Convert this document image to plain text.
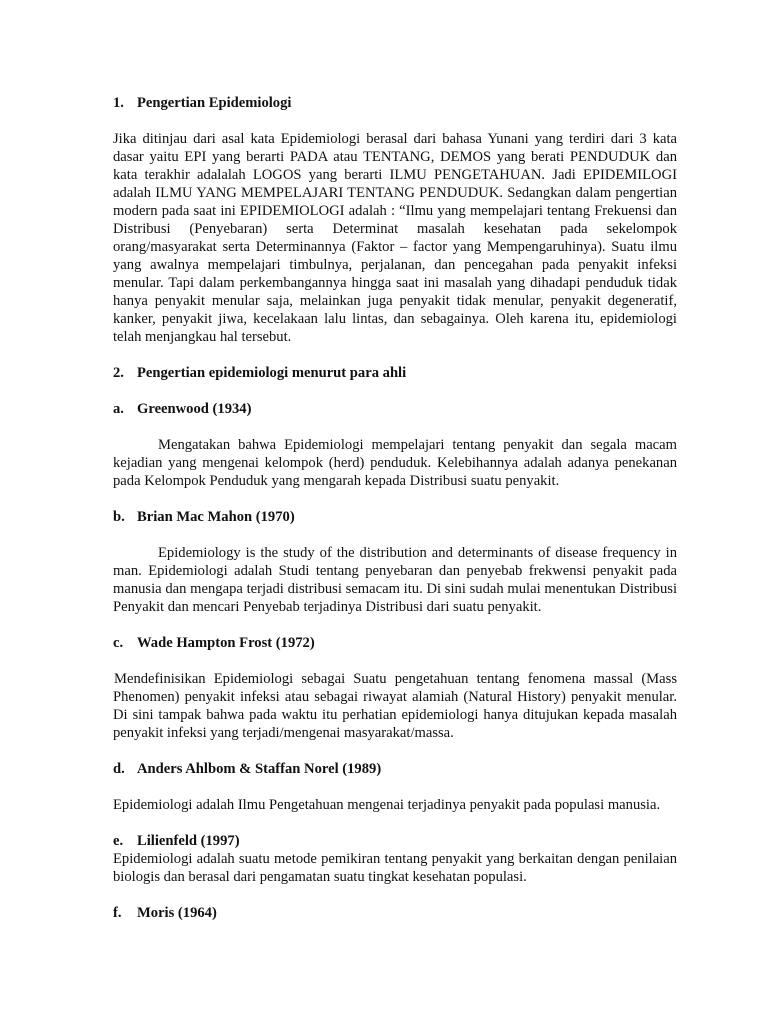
1. Pengertian Epidemiologi

Jika ditinjau dari asal kata Epidemiologi berasal dari bahasa Yunani yang terdiri dari 3 kata dasar yaitu EPI yang berarti PADA atau TENTANG, DEMOS yang berati PENDUDUK dan kata terakhir adalalah LOGOS yang berarti ILMU PENGETAHUAN. Jadi EPIDEMILOGI adalah ILMU YANG MEMPELAJARI TENTANG PENDUDUK. Sedangkan dalam pengertian modern pada saat ini EPIDEMIOLOGI adalah : “Ilmu yang mempelajari tentang Frekuensi dan Distribusi (Penyebaran) serta Determinat masalah kesehatan pada sekelompok orang/masyarakat serta Determinannya (Faktor – factor yang Mempengaruhinya). Suatu ilmu yang awalnya mempelajari timbulnya, perjalanan, dan pencegahan pada penyakit infeksi menular. Tapi dalam perkembangannya hingga saat ini masalah yang dihadapi penduduk tidak hanya penyakit menular saja, melainkan juga penyakit tidak menular, penyakit degeneratif, kanker, penyakit jiwa, kecelakaan lalu lintas, dan sebagainya. Oleh karena itu, epidemiologi telah menjangkau hal tersebut.

2. Pengertian epidemiologi menurut para ahli

a. Greenwood (1934)

Mengatakan bahwa Epidemiologi mempelajari tentang penyakit dan segala macam kejadian yang mengenai kelompok (herd) penduduk. Kelebihannya adalah adanya penekanan pada Kelompok Penduduk yang mengarah kepada Distribusi suatu penyakit.

b. Brian Mac Mahon (1970)

Epidemiology is the study of the distribution and determinants of disease frequency in man. Epidemiologi adalah Studi tentang penyebaran dan penyebab frekwensi penyakit pada manusia dan mengapa terjadi distribusi semacam itu. Di sini sudah mulai menentukan Distribusi Penyakit dan mencari Penyebab terjadinya Distribusi dari suatu penyakit.

c. Wade Hampton Frost (1972)

Mendefinisikan Epidemiologi sebagai Suatu pengetahuan tentang fenomena massal (Mass Phenomen) penyakit infeksi atau sebagai riwayat alamiah (Natural History) penyakit menular. Di sini tampak bahwa pada waktu itu perhatian epidemiologi hanya ditujukan kepada masalah penyakit infeksi yang terjadi/mengenai masyarakat/massa.

d. Anders Ahlbom & Staffan Norel (1989)

Epidemiologi adalah Ilmu Pengetahuan mengenai terjadinya penyakit pada populasi manusia.

e. Lilienfeld (1997)

Epidemiologi adalah suatu metode pemikiran tentang penyakit yang berkaitan dengan penilaian biologis dan berasal dari pengamatan suatu tingkat kesehatan populasi.

f. Moris (1964)
